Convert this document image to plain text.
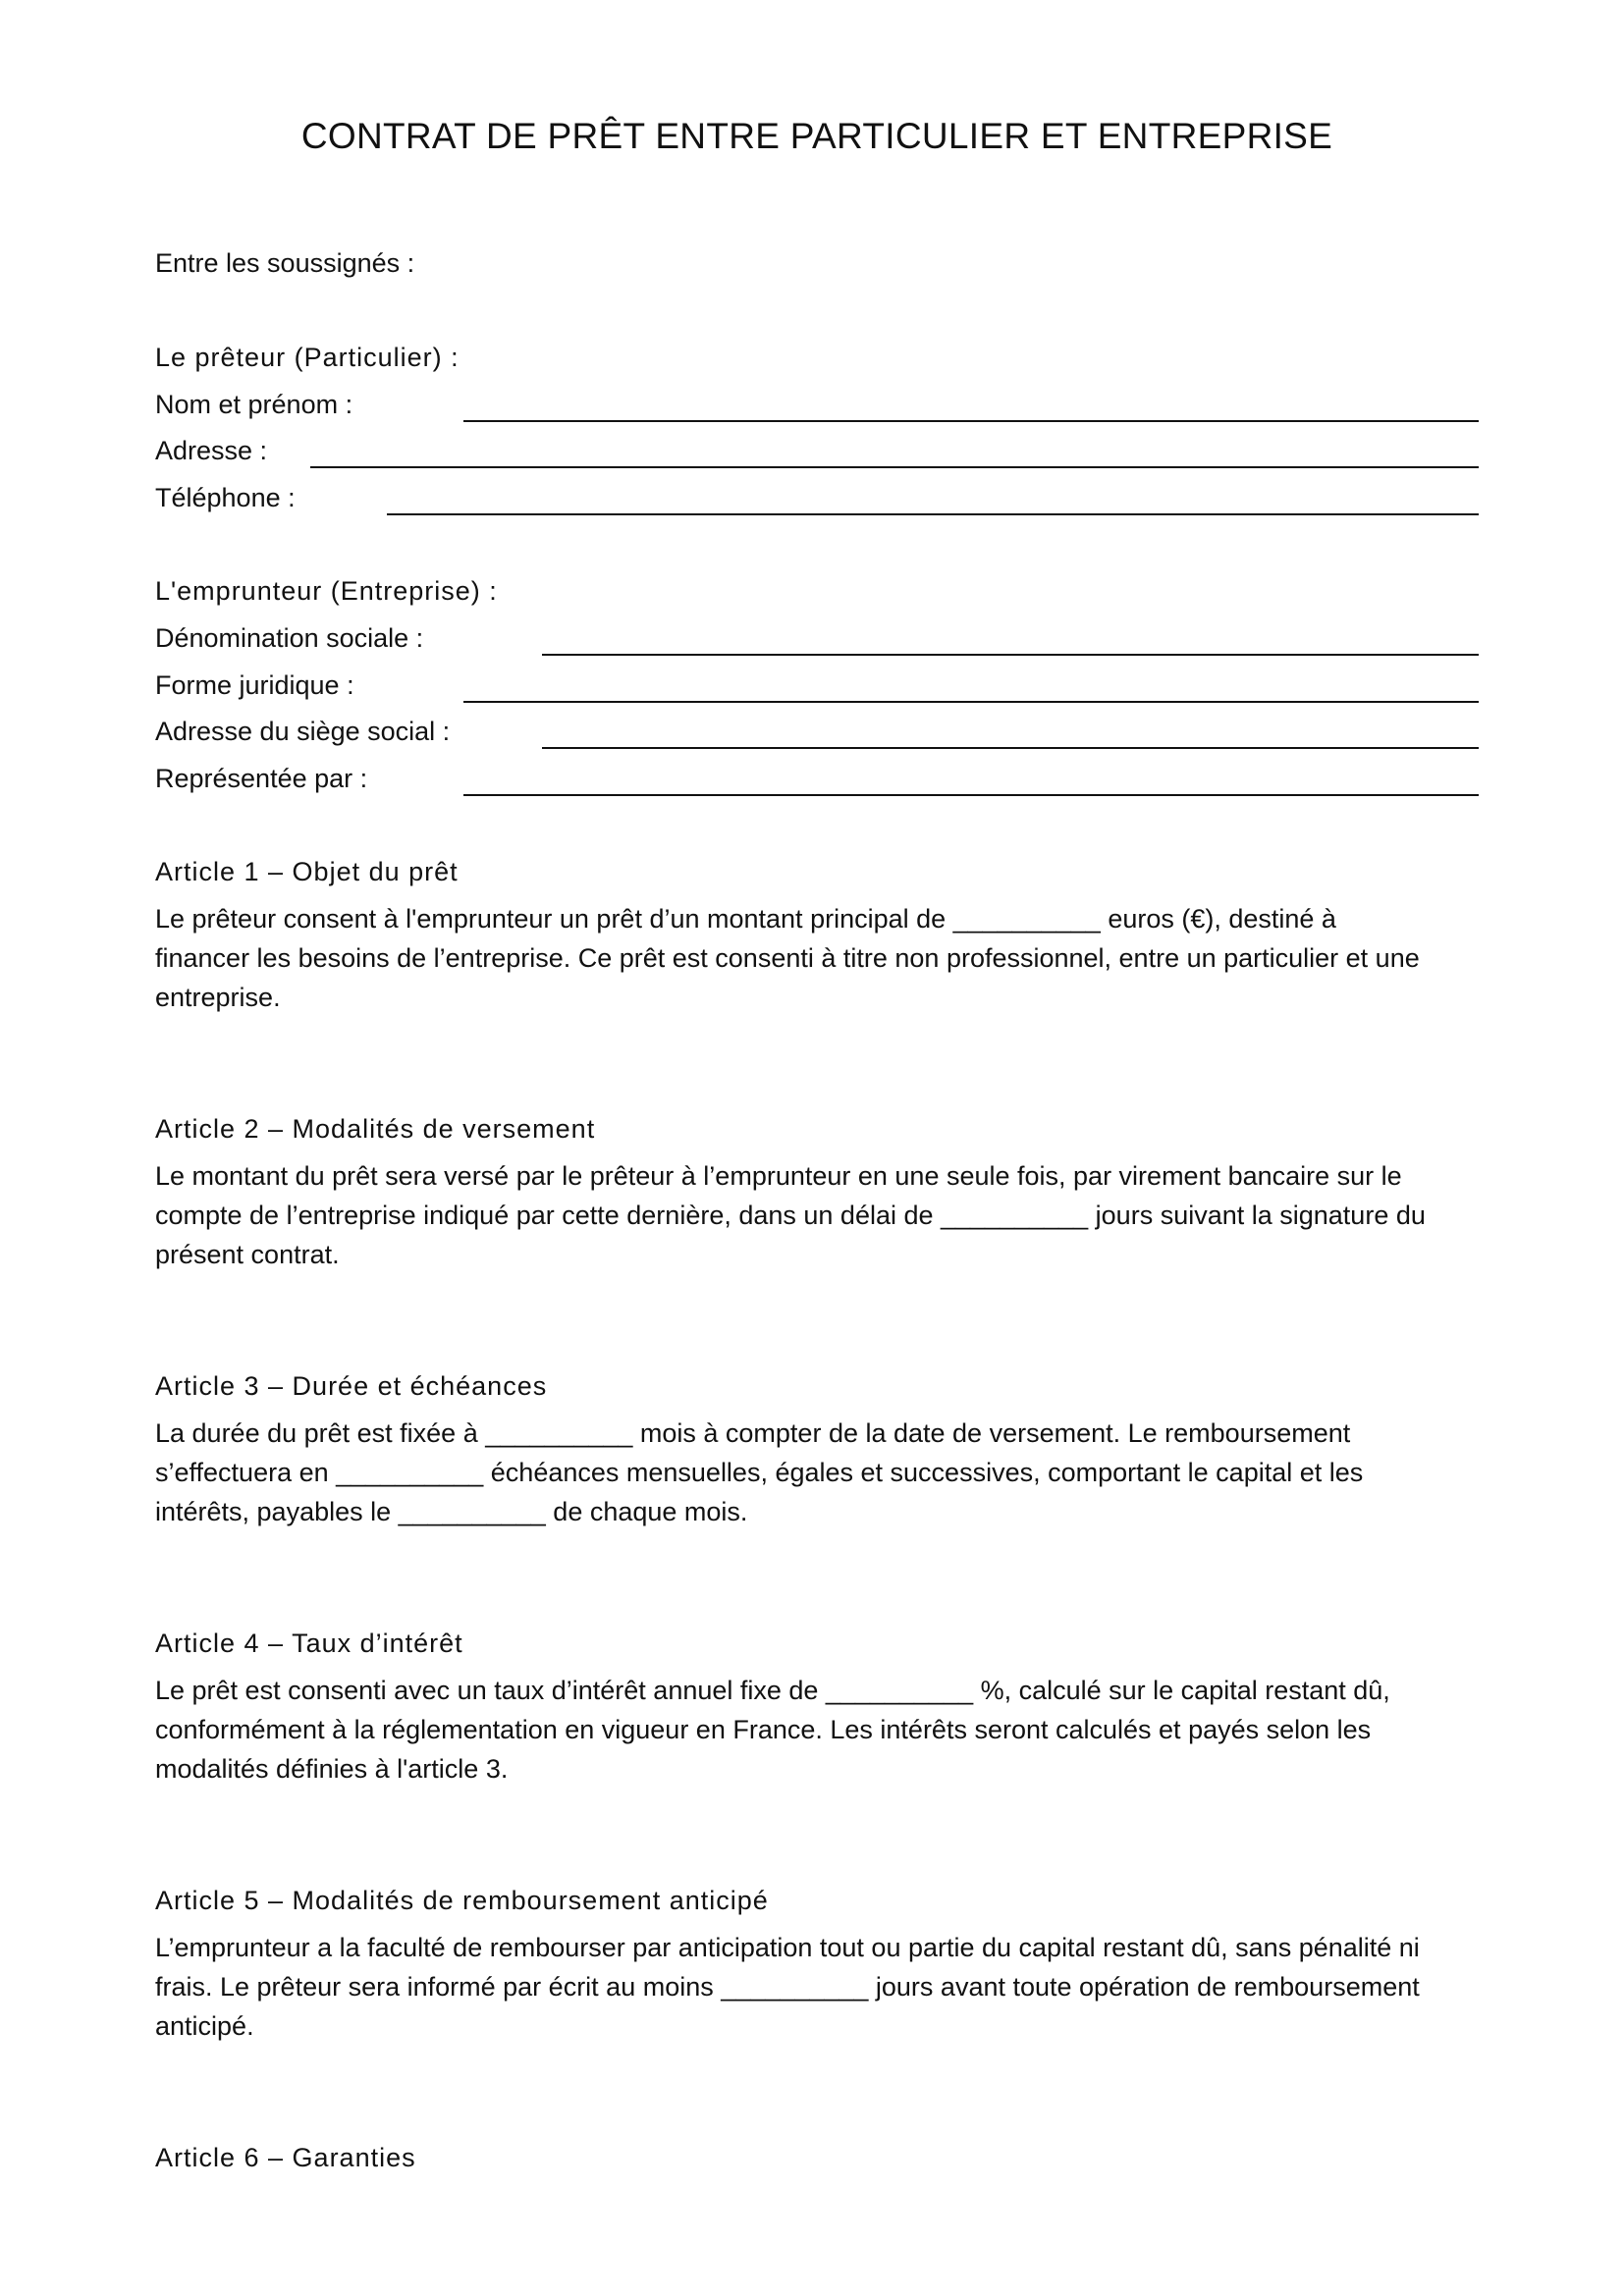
CONTRAT DE PRÊT ENTRE PARTICULIER ET ENTREPRISE
Entre les soussignés :
Le prêteur (Particulier) :
Nom et prénom :
Adresse :
Téléphone :
L'emprunteur (Entreprise) :
Dénomination sociale :
Forme juridique :
Adresse du siège social :
Représentée par :
Article 1 – Objet du prêt

Le prêteur consent à l'emprunteur un prêt d’un montant principal de __________ euros (€), destiné à
financer les besoins de l’entreprise. Ce prêt est consenti à titre non professionnel, entre un particulier et une
entreprise.

Article 2 – Modalités de versement

Le montant du prêt sera versé par le prêteur à l’emprunteur en une seule fois, par virement bancaire sur le
compte de l’entreprise indiqué par cette dernière, dans un délai de __________ jours suivant la signature du
présent contrat.

Article 3 – Durée et échéances

La durée du prêt est fixée à __________ mois à compter de la date de versement. Le remboursement
s’effectuera en __________ échéances mensuelles, égales et successives, comportant le capital et les
intérêts, payables le __________ de chaque mois.

Article 4 – Taux d’intérêt

Le prêt est consenti avec un taux d’intérêt annuel fixe de __________ %, calculé sur le capital restant dû,
conformément à la réglementation en vigueur en France. Les intérêts seront calculés et payés selon les
modalités définies à l'article 3.

Article 5 – Modalités de remboursement anticipé

L’emprunteur a la faculté de rembourser par anticipation tout ou partie du capital restant dû, sans pénalité ni
frais. Le prêteur sera informé par écrit au moins __________ jours avant toute opération de remboursement
anticipé.

Article 6 – Garanties
